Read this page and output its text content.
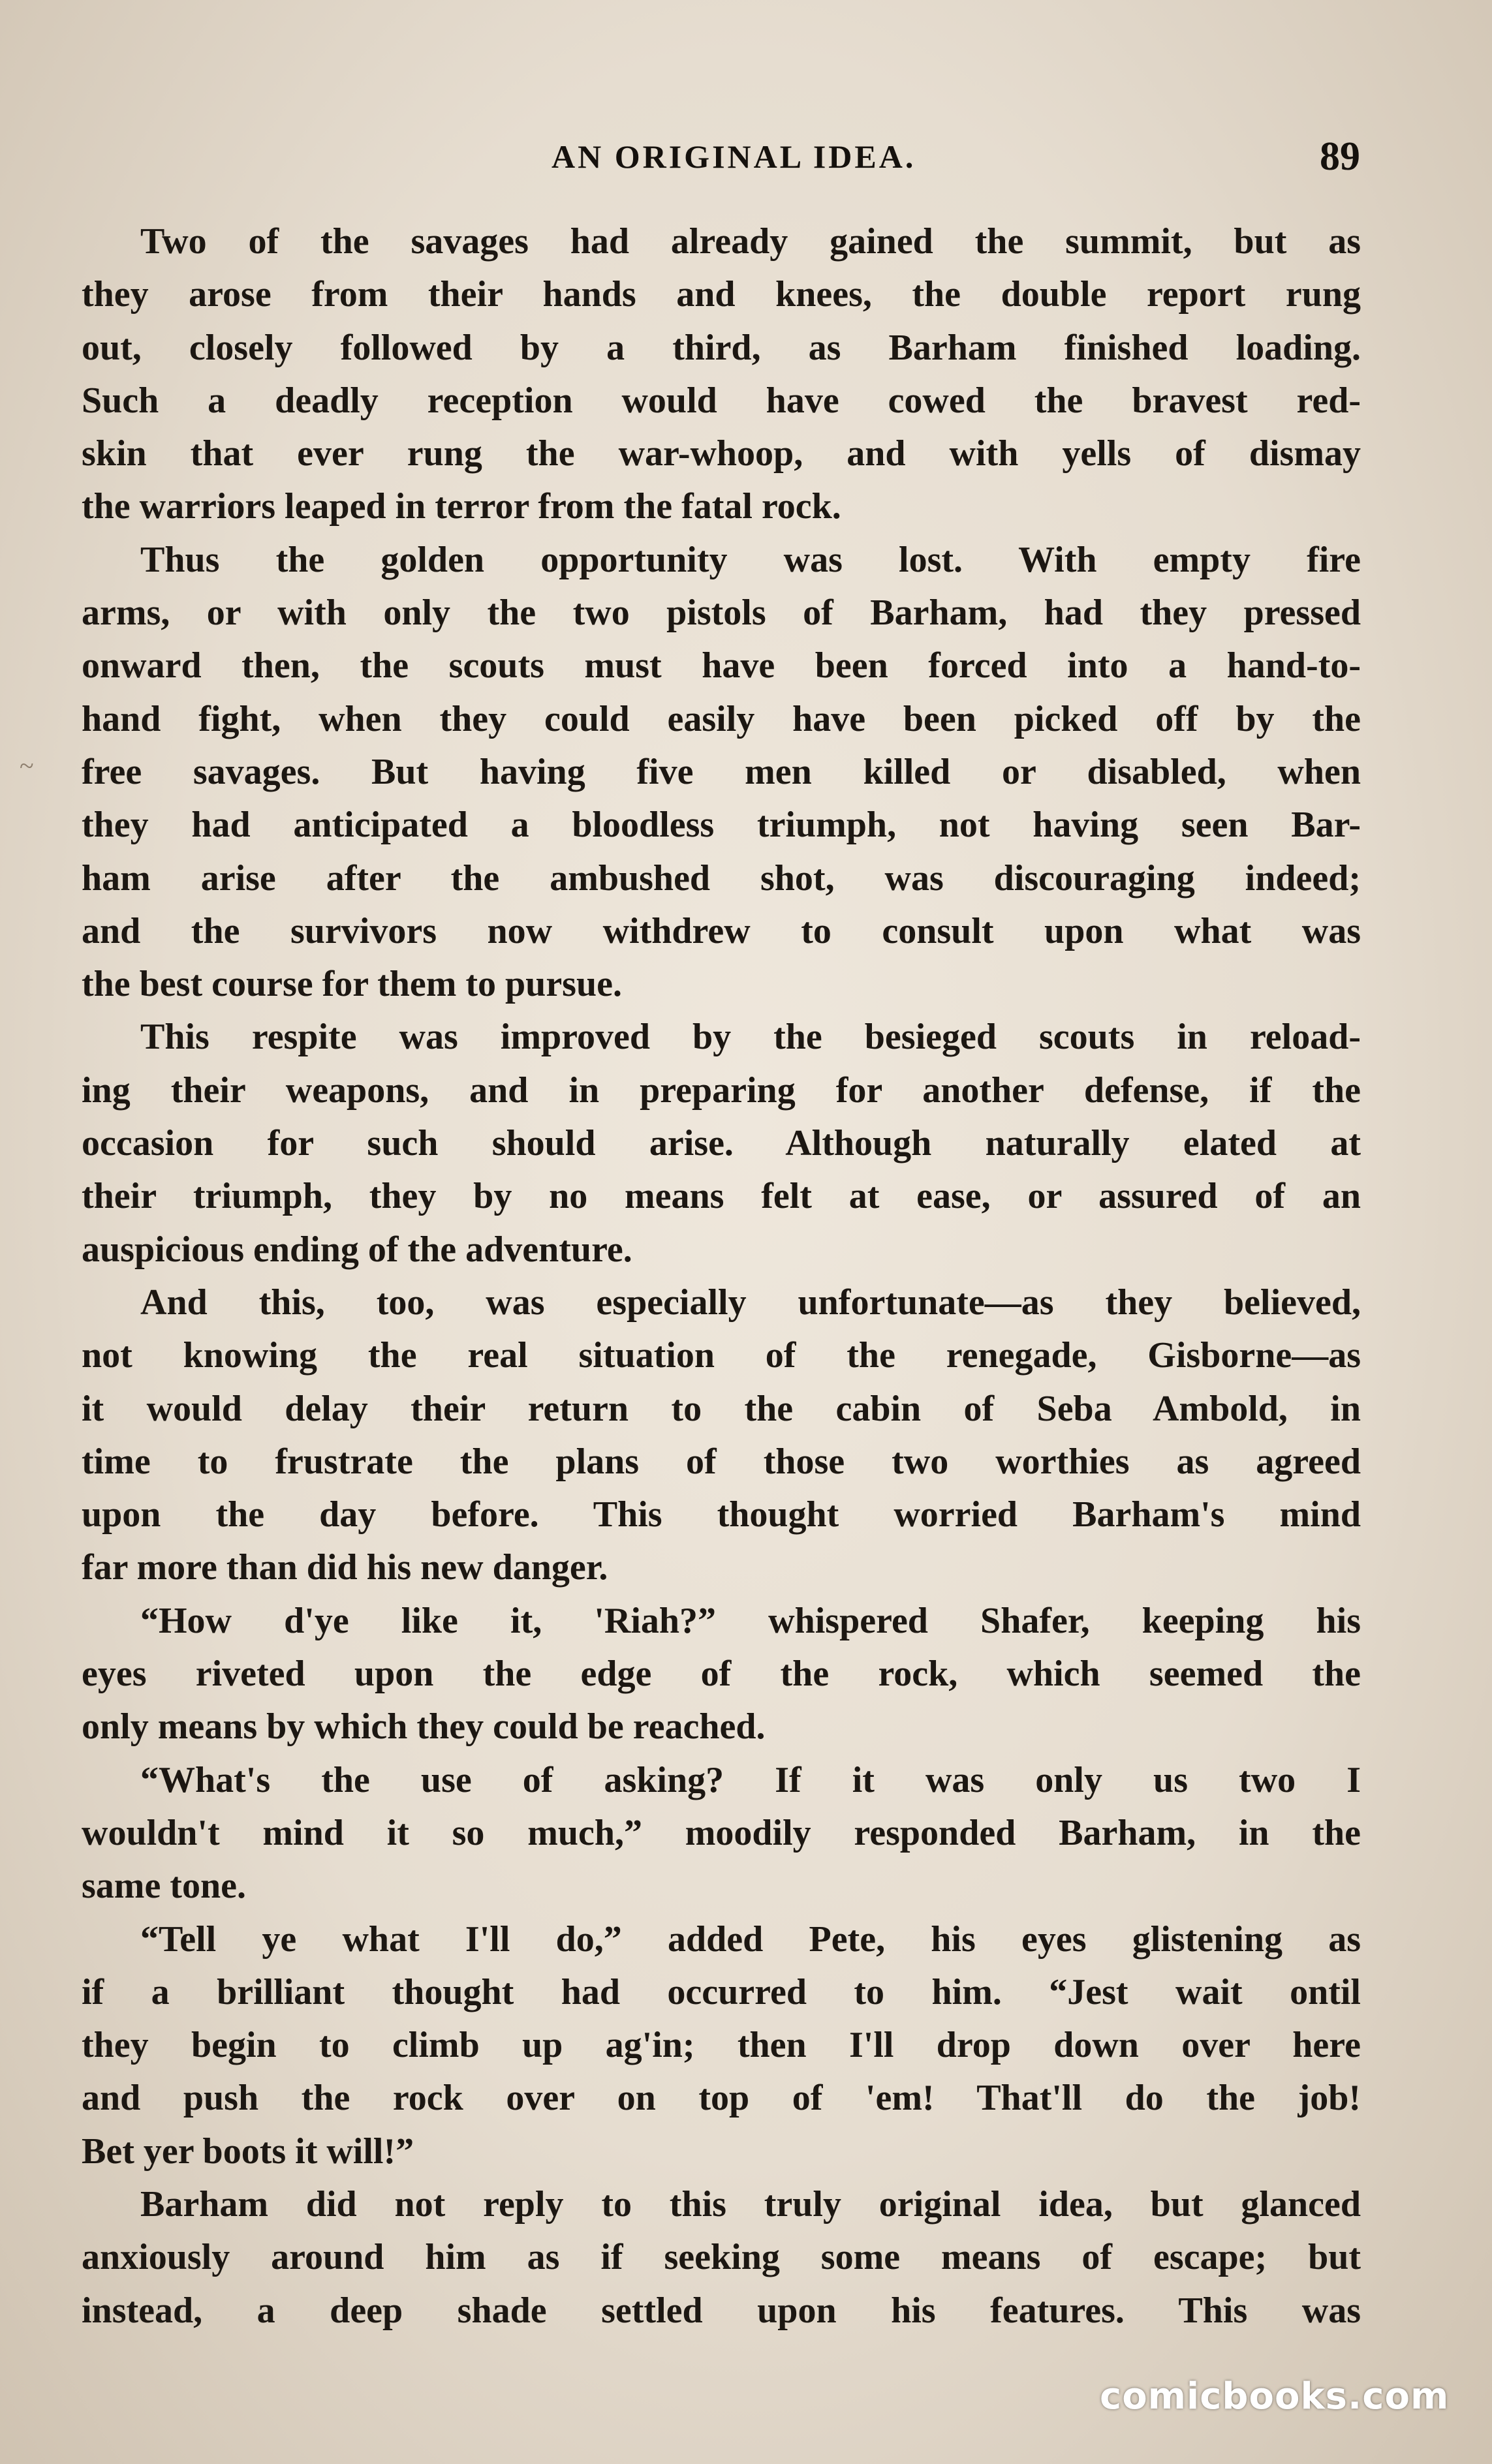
AN ORIGINAL IDEA.	89
Two of the savages had already gained the summit, but as
they arose from their hands and knees, the double report rung
out, closely followed by a third, as Barham finished loading.
Such a deadly reception would have cowed the bravest red-
skin that ever rung the war-whoop, and with yells of dismay
the warriors leaped in terror from the fatal rock.
Thus the golden opportunity was lost. With empty fire
arms, or with only the two pistols of Barham, had they pressed
onward then, the scouts must have been forced into a hand-to-
hand fight, when they could easily have been picked off by the
free savages. But having five men killed or disabled, when
they had anticipated a bloodless triumph, not having seen Bar-
ham arise after the ambushed shot, was discouraging indeed;
and the survivors now withdrew to consult upon what was
the best course for them to pursue.
This respite was improved by the besieged scouts in reload-
ing their weapons, and in preparing for another defense, if the
occasion for such should arise. Although naturally elated at
their triumph, they by no means felt at ease, or assured of an
auspicious ending of the adventure.
And this, too, was especially unfortunate—as they believed,
not knowing the real situation of the renegade, Gisborne—as
it would delay their return to the cabin of Seba Ambold, in
time to frustrate the plans of those two worthies as agreed
upon the day before. This thought worried Barham's mind
far more than did his new danger.
“How d'ye like it, 'Riah?” whispered Shafer, keeping his
eyes riveted upon the edge of the rock, which seemed the
only means by which they could be reached.
“What's the use of asking? If it was only us two I
wouldn't mind it so much,” moodily responded Barham, in the
same tone.
“Tell ye what I'll do,” added Pete, his eyes glistening as
if a brilliant thought had occurred to him. “Jest wait ontil
they begin to climb up ag'in; then I'll drop down over here
and push the rock over on top of 'em! That'll do the job!
Bet yer boots it will!”
Barham did not reply to this truly original idea, but glanced
anxiously around him as if seeking some means of escape; but
instead, a deep shade settled upon his features. This was
~
comicbooks.com
